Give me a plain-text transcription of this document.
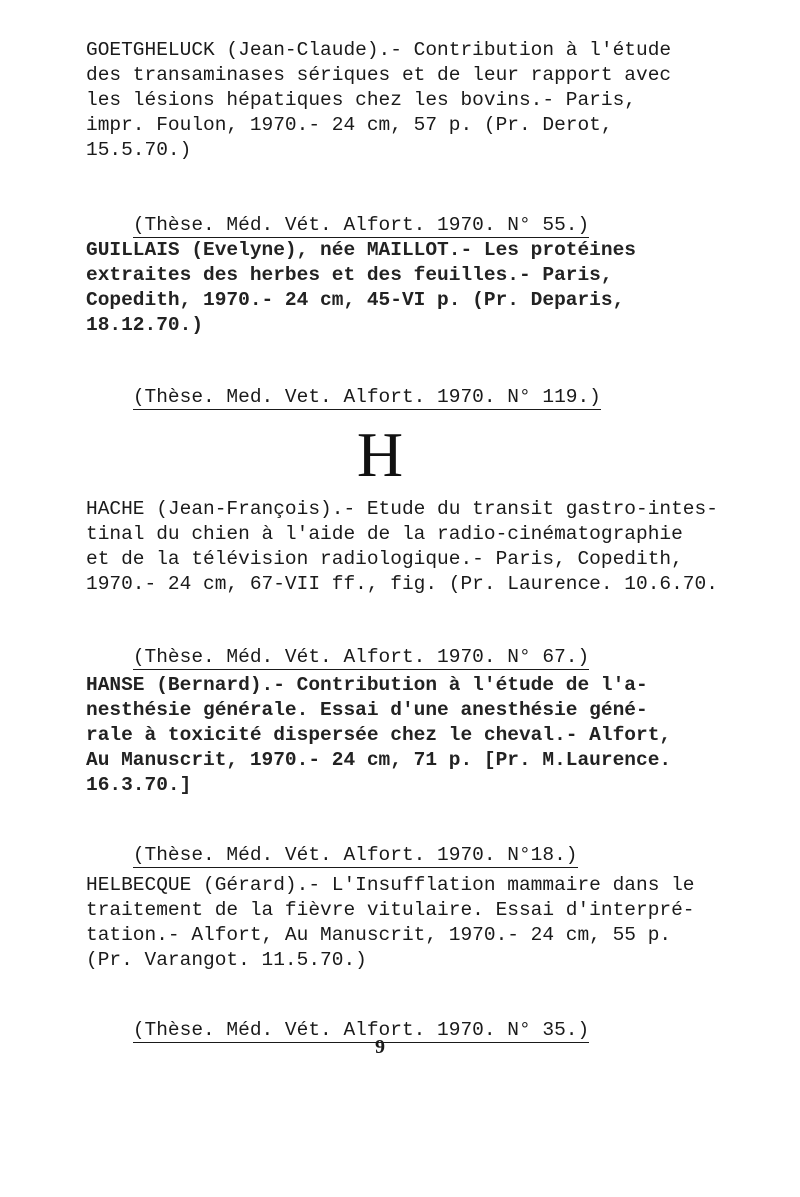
GOETGHELUCK (Jean-Claude).- Contribution à l'étude

des transaminases sériques et de leur rapport avec

les lésions hépatiques chez les bovins.- Paris,

impr. Foulon, 1970.- 24 cm, 57 p. (Pr. Derot,

15.5.70.)

(Thèse. Méd. Vét. Alfort. 1970. N° 55.)

GUILLAIS (Evelyne), née MAILLOT.- Les protéines

extraites des herbes et des feuilles.- Paris,

Copedith, 1970.- 24 cm, 45-VI p. (Pr. Deparis,

18.12.70.)

(Thèse. Med. Vet. Alfort. 1970. N° 119.)

H

HACHE (Jean-François).- Etude du transit gastro-intes-

tinal du chien à l'aide de la radio-cinématographie

et de la télévision radiologique.- Paris, Copedith,

1970.- 24 cm, 67-VII ff., fig. (Pr. Laurence. 10.6.70.

(Thèse. Méd. Vét. Alfort. 1970. N° 67.)

HANSE (Bernard).- Contribution à l'étude de l'a-

nesthésie générale. Essai d'une anesthésie géné-

rale à toxicité dispersée chez le cheval.- Alfort,

Au Manuscrit, 1970.- 24 cm, 71 p. [Pr. M.Laurence.

16.3.70.]

(Thèse. Méd. Vét. Alfort. 1970. N°18.)

HELBECQUE (Gérard).- L'Insufflation mammaire dans le

traitement de la fièvre vitulaire. Essai d'interpré-

tation.- Alfort, Au Manuscrit, 1970.- 24 cm, 55 p.

(Pr. Varangot. 11.5.70.)

(Thèse. Méd. Vét. Alfort. 1970. N° 35.)

9
